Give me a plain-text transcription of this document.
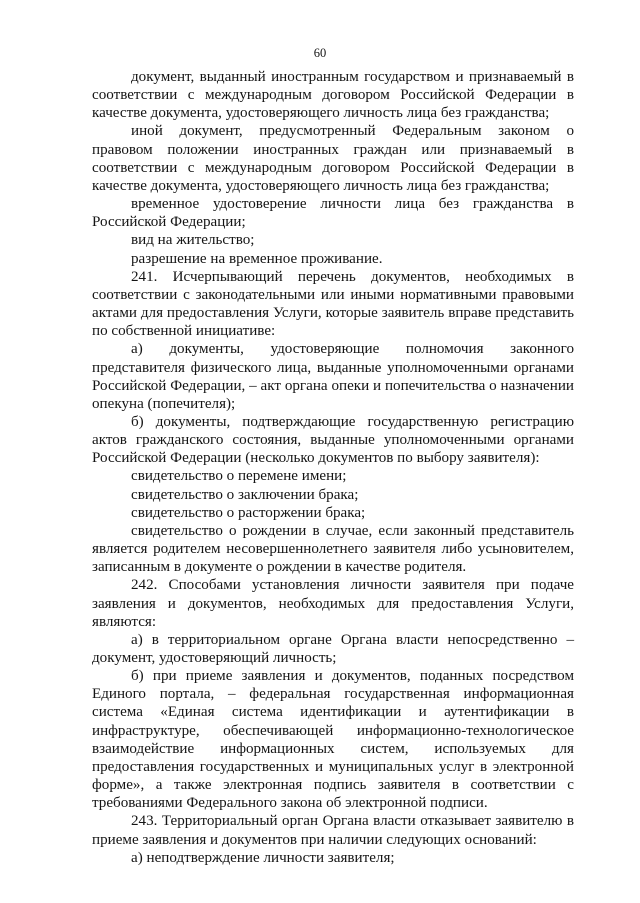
60

документ, выданный иностранным государством и признаваемый в соответствии с международным договором Российской Федерации в качестве документа, удостоверяющего личность лица без гражданства;

иной документ, предусмотренный Федеральным законом о правовом положении иностранных граждан или признаваемый в соответствии с международным договором Российской Федерации в качестве документа, удостоверяющего личность лица без гражданства;

временное удостоверение личности лица без гражданства в Российской Федерации;

вид на жительство;

разрешение на временное проживание.

241. Исчерпывающий перечень документов, необходимых в соответствии с законодательными или иными нормативными правовыми актами для предоставления Услуги, которые заявитель вправе представить по собственной инициативе:

а) документы, удостоверяющие полномочия законного представителя физического лица, выданные уполномоченными органами Российской Федерации, – акт органа опеки и попечительства о назначении опекуна (попечителя);

б) документы, подтверждающие государственную регистрацию актов гражданского состояния, выданные уполномоченными органами Российской Федерации (несколько документов по выбору заявителя):

свидетельство о перемене имени;

свидетельство о заключении брака;

свидетельство о расторжении брака;

свидетельство о рождении в случае, если законный представитель является родителем несовершеннолетнего заявителя либо усыновителем, записанным в документе о рождении в качестве родителя.

242. Способами установления личности заявителя при подаче заявления и документов, необходимых для предоставления Услуги, являются:

а) в территориальном органе Органа власти непосредственно – документ, удостоверяющий личность;

б) при приеме заявления и документов, поданных посредством Единого портала, – федеральная государственная информационная система «Единая система идентификации и аутентификации в инфраструктуре, обеспечивающей информационно-технологическое взаимодействие информационных систем, используемых для предоставления государственных и муниципальных услуг в электронной форме», а также электронная подпись заявителя в соответствии с требованиями Федерального закона об электронной подписи.

243. Территориальный орган Органа власти отказывает заявителю в приеме заявления и документов при наличии следующих оснований:

а) неподтверждение личности заявителя;
